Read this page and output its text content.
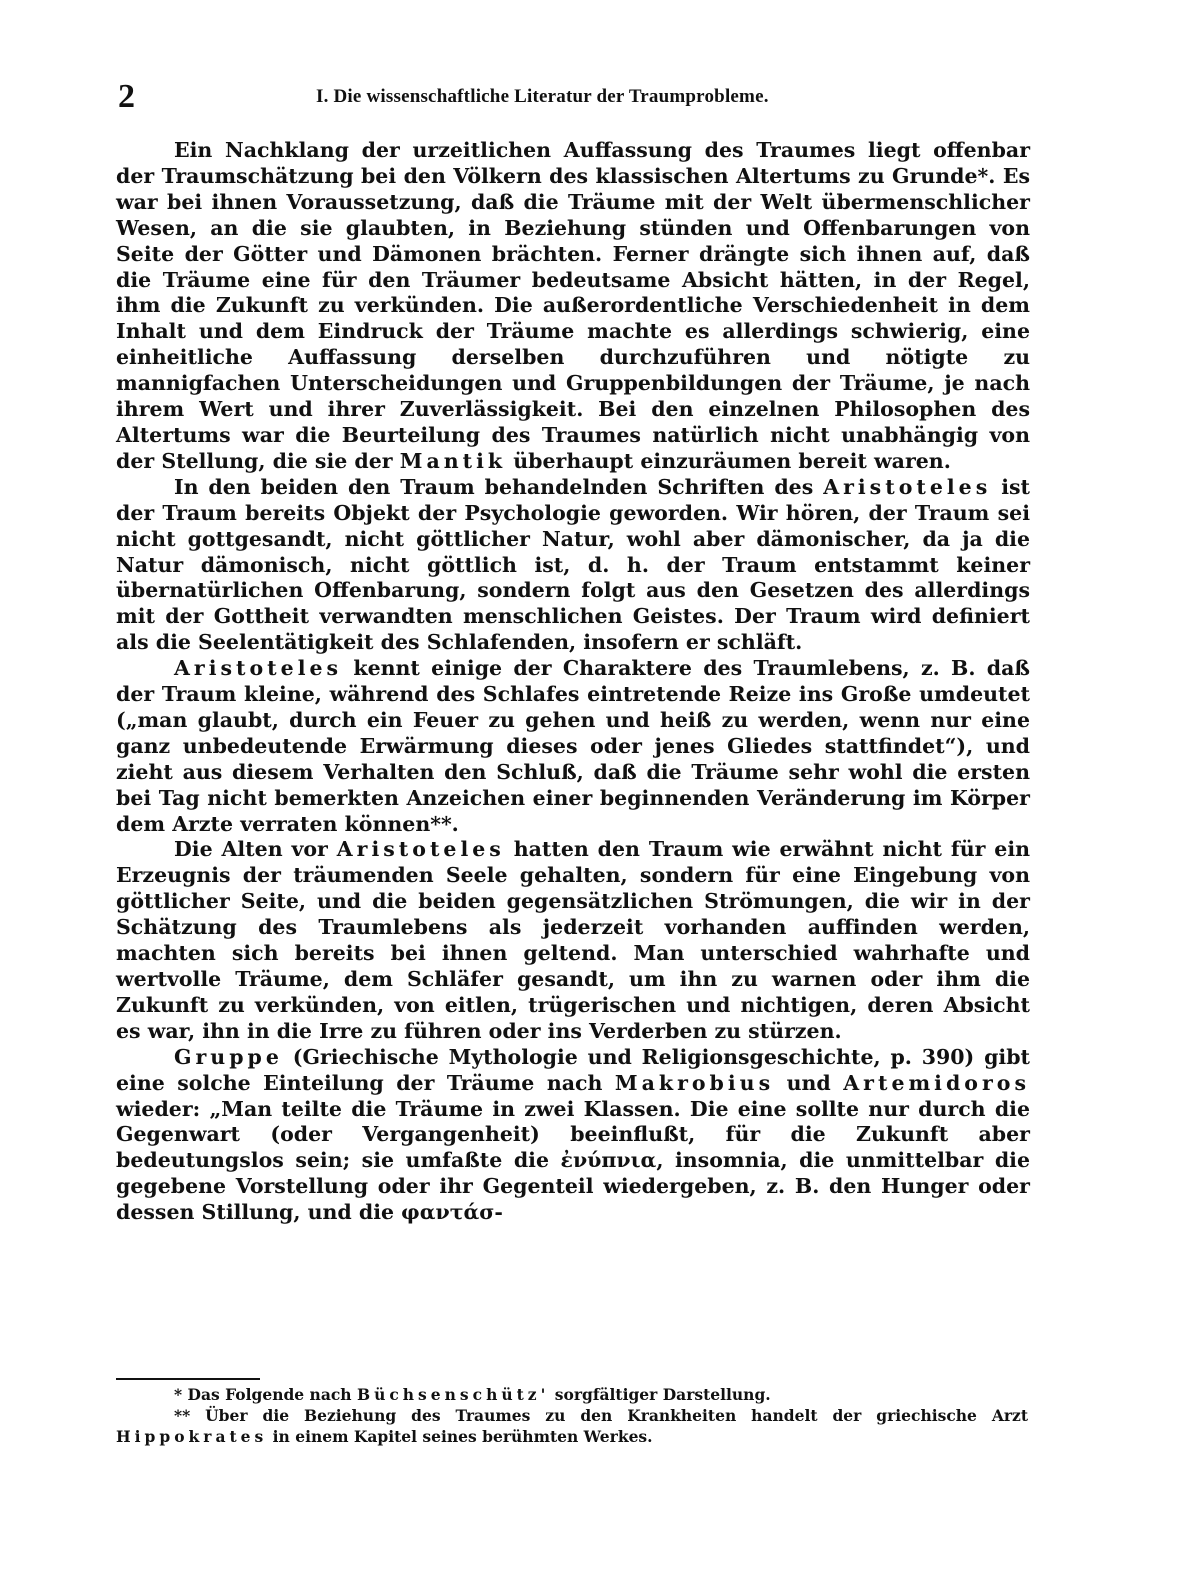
2	I. Die wissenschaftliche Literatur der Traumprobleme.

Ein Nachklang der urzeitlichen Auffassung des Traumes liegt offenbar der Traumschätzung bei den Völkern des klassischen Altertums zu Grunde*. Es war bei ihnen Voraussetzung, daß die Träume mit der Welt übermenschlicher Wesen, an die sie glaubten, in Beziehung stünden und Offenbarungen von Seite der Götter und Dämonen brächten. Ferner drängte sich ihnen auf, daß die Träume eine für den Träumer bedeutsame Absicht hätten, in der Regel, ihm die Zukunft zu verkünden. Die außerordentliche Verschiedenheit in dem Inhalt und dem Eindruck der Träume machte es allerdings schwierig, eine einheitliche Auffassung derselben durchzuführen und nötigte zu mannigfachen Unterscheidungen und Gruppenbildungen der Träume, je nach ihrem Wert und ihrer Zuverlässigkeit. Bei den einzelnen Philosophen des Altertums war die Beurteilung des Traumes natürlich nicht unabhängig von der Stellung, die sie der Mantik überhaupt einzuräumen bereit waren.

In den beiden den Traum behandelnden Schriften des Aristoteles ist der Traum bereits Objekt der Psychologie geworden. Wir hören, der Traum sei nicht gottgesandt, nicht göttlicher Natur, wohl aber dämonischer, da ja die Natur dämonisch, nicht göttlich ist, d. h. der Traum entstammt keiner übernatürlichen Offenbarung, sondern folgt aus den Gesetzen des allerdings mit der Gottheit verwandten menschlichen Geistes. Der Traum wird definiert als die Seelentätigkeit des Schlafenden, insofern er schläft.

Aristoteles kennt einige der Charaktere des Traumlebens, z. B. daß der Traum kleine, während des Schlafes eintretende Reize ins Große umdeutet („man glaubt, durch ein Feuer zu gehen und heiß zu werden, wenn nur eine ganz unbedeutende Erwärmung dieses oder jenes Gliedes stattfindet“), und zieht aus diesem Verhalten den Schluß, daß die Träume sehr wohl die ersten bei Tag nicht bemerkten Anzeichen einer beginnenden Veränderung im Körper dem Arzte verraten können**.

Die Alten vor Aristoteles hatten den Traum wie erwähnt nicht für ein Erzeugnis der träumenden Seele gehalten, sondern für eine Eingebung von göttlicher Seite, und die beiden gegensätzlichen Strömungen, die wir in der Schätzung des Traumlebens als jederzeit vorhanden auffinden werden, machten sich bereits bei ihnen geltend. Man unterschied wahrhafte und wertvolle Träume, dem Schläfer gesandt, um ihn zu warnen oder ihm die Zukunft zu verkünden, von eitlen, trügerischen und nichtigen, deren Absicht es war, ihn in die Irre zu führen oder ins Verderben zu stürzen.

Gruppe (Griechische Mythologie und Religionsgeschichte, p. 390) gibt eine solche Einteilung der Träume nach Makrobius und Artemidoros wieder: „Man teilte die Träume in zwei Klassen. Die eine sollte nur durch die Gegenwart (oder Vergangenheit) beeinflußt, für die Zukunft aber bedeutungslos sein; sie umfaßte die ἐνύπνια, insomnia, die unmittelbar die gegebene Vorstellung oder ihr Gegenteil wiedergeben, z. B. den Hunger oder dessen Stillung, und die φαντάσ-

* Das Folgende nach Büchsenschütz' sorgfältiger Darstellung.

** Über die Beziehung des Traumes zu den Krankheiten handelt der griechische Arzt Hippokrates in einem Kapitel seines berühmten Werkes.
